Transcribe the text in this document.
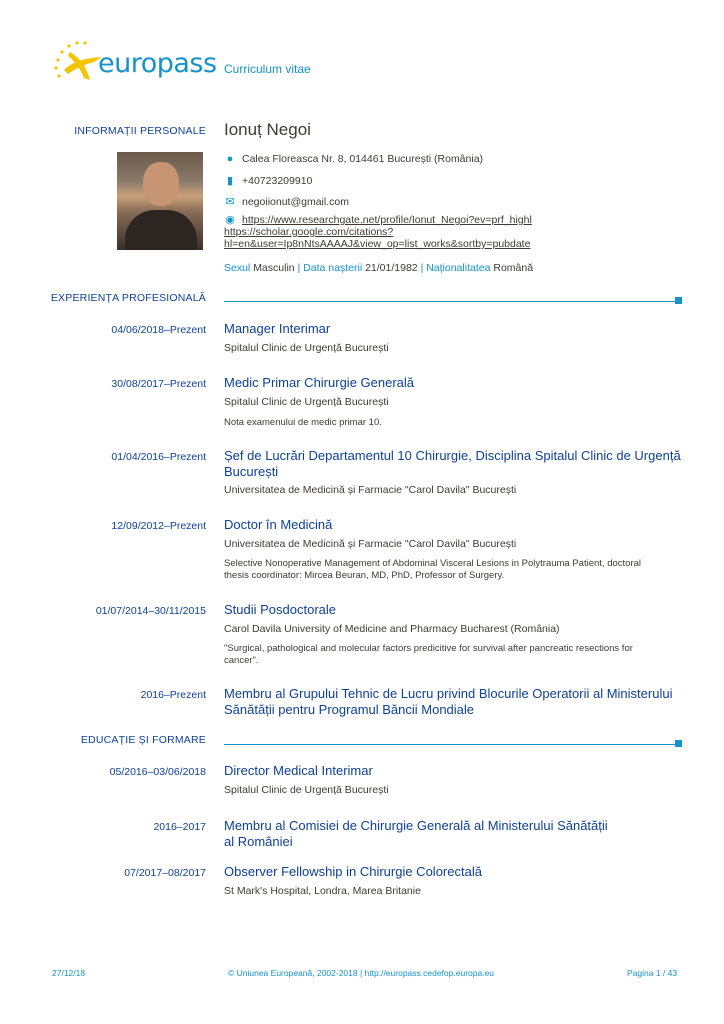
europass Curriculum vitae
INFORMAȚII PERSONALE Ionuț Negoi
● Calea Floreasca Nr. 8, 014461 București (România)
▮ +40723209910
✉ negoiionut@gmail.com
◉ https://www.researchgate.net/profile/Ionut_Negoi?ev=prf_highl
https://scholar.google.com/citations?
hl=en&user=Ip8nNtsAAAAJ&view_op=list_works&sortby=pubdate
Sexul Masculin | Data nașterii 21/01/1982 | Naționalitatea Română
EXPERIENȚA PROFESIONALĂ
04/06/2018–Prezent Manager Interimar
Spitalul Clinic de Urgență București
30/08/2017–Prezent Medic Primar Chirurgie Generală
Spitalul Clinic de Urgență București
Nota examenului de medic primar 10.
01/04/2016–Prezent Șef de Lucrări Departamentul 10 Chirurgie, Disciplina Spitalul Clinic de Urgență
București
Universitatea de Medicină și Farmacie "Carol Davila" București
12/09/2012–Prezent Doctor în Medicină
Universitatea de Medicină și Farmacie "Carol Davila" București
Selective Nonoperative Management of Abdominal Visceral Lesions in Polytrauma Patient, doctoral
thesis coordinator: Mircea Beuran, MD, PhD, Professor of Surgery.
01/07/2014–30/11/2015 Studii Posdoctorale
Carol Davila University of Medicine and Pharmacy Bucharest (România)
"Surgical, pathological and molecular factors predicitive for survival after pancreatic resections for
cancer".
2016–Prezent Membru al Grupului Tehnic de Lucru privind Blocurile Operatorii al Ministerului
Sănătății pentru Programul Băncii Mondiale
EDUCAȚIE ȘI FORMARE
05/2016–03/06/2018 Director Medical Interimar
Spitalul Clinic de Urgență București
2016–2017 Membru al Comisiei de Chirurgie Generală al Ministerului Sănătății
al României
07/2017–08/2017 Observer Fellowship in Chirurgie Colorectală
St Mark's Hospital, Londra, Marea Britanie
27/12/18	© Uniunea Europeană, 2002-2018 | http://europass.cedefop.europa.eu	Pagina 1 / 43
